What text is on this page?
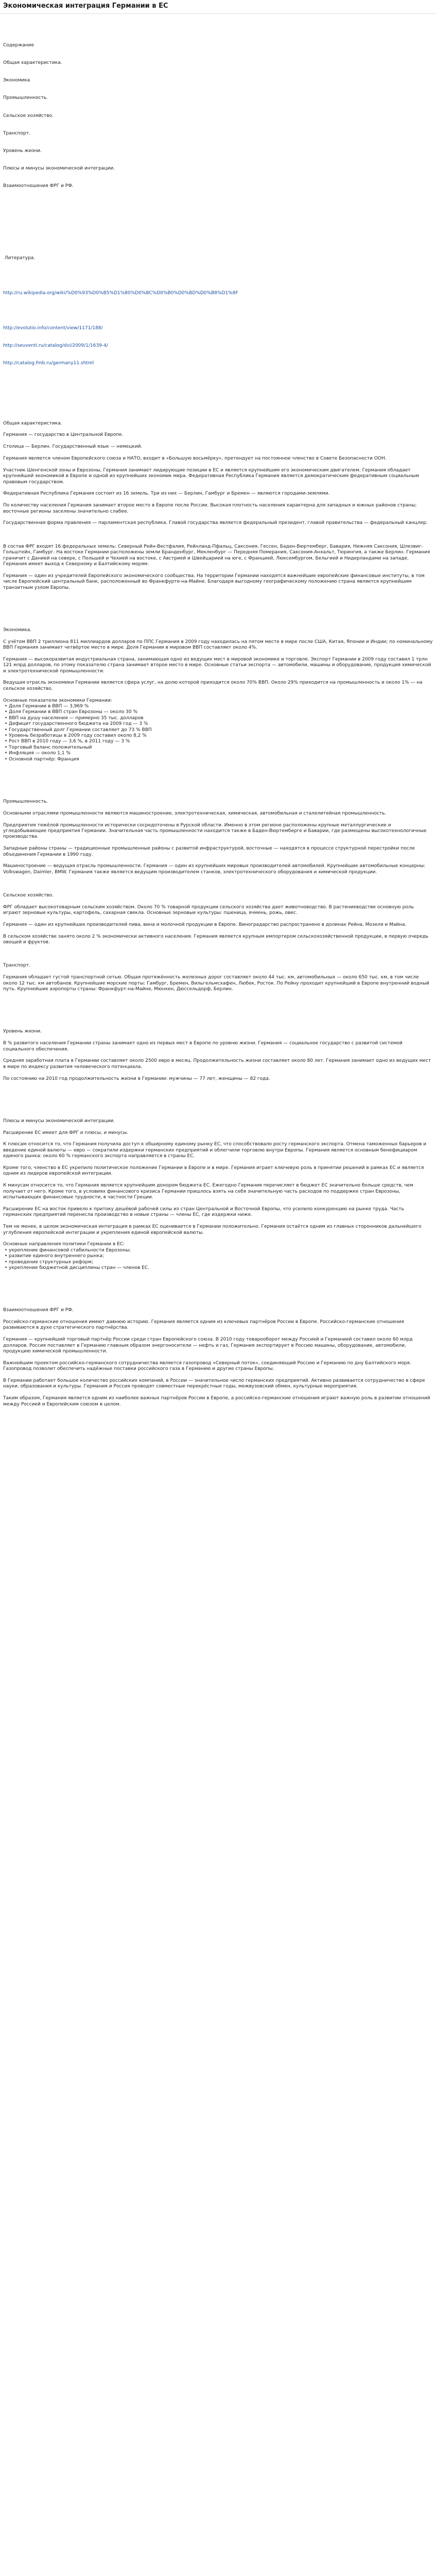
Экономическая интеграция Германии в ЕС

Содержание

Общая характеристика.

Экономика

Промышленность.

Сельское хозяйство.

Транспорт.

Уровень жизни.

Плюсы и минусы экономической интеграции.

Взаимоотношения ФРГ и РФ.

Литература.

http://ru.wikipedia.org/wiki/%D0%93%D0%B5%D1%80%D0%BC%D0%B0%D0%BD%D0%B8%D1%8F

http://evolutio.info/content/view/1171/188/

http://seuventi.ru/catalog/dvi/2009/1/1639-4/

http://catalog.fmb.ru/germany11.shtml

Общая характеристика.

Германия — государство в Центральной Европе.

Столица — Берлин. Государственный язык — немецкий.

Германия является членом Европейского союза и НАТО, входит в «Большую восьмёрку», претендует на постоянное членство в Совете Безопасности ООН.

Участник Шенгенской зоны и Еврозоны, Германия занимает лидирующие позиции в ЕС и является крупнейшим его экономическим двигателем. Германия обладает крупнейшей экономикой в Европе и одной из крупнейших экономик мира. Федеративная Республика Германия является демократическим федеративным социальным правовым государством.

Федеративная Республика Германия состоит из 16 земель. Три из них — Берлин, Гамбург и Бремен — являются городами-землями.

По количеству населения Германия занимает второе место в Европе после России. Высокая плотность населения характерна для западных и южных районов страны; восточные регионы заселены значительно слабее.

Государственная форма правления — парламентская республика. Главой государства является федеральный президент, главой правительства — федеральный канцлер.

В состав ФРГ входят 16 федеральных земель: Северный Рейн-Вестфалия, Рейнланд-Пфальц, Саксония, Гессен, Баден-Вюртемберг, Бавария, Нижняя Саксония, Шлезвиг-Гольштейн, Гамбург. На востоке Германии расположены земли Бранденбург, Мекленбург — Передняя Померания, Саксония-Анхальт, Тюрингия, а также Берлин. Германия граничит с Данией на севере, с Польшей и Чехией на востоке, с Австрией и Швейцарией на юге, с Францией, Люксембургом, Бельгией и Нидерландами на западе. Германия имеет выход к Северному и Балтийскому морям.

Германия — один из учредителей Европейского экономического сообщества. На территории Германии находятся важнейшие европейские финансовые институты, в том числе Европейский центральный банк, расположенный во Франкфурте-на-Майне. Благодаря выгодному географическому положению страна является крупнейшим транзитным узлом Европы.

Экономика.

С учётом ВВП 2 триллиона 811 миллиардов долларов по ППС Германия в 2009 году находилась на пятом месте в мире после США, Китая, Японии и Индии; по номинальному ВВП Германия занимает четвёртое место в мире. Доля Германии в мировом ВВП составляет около 4%.

Германия — высокоразвитая индустриальная страна, занимающая одно из ведущих мест в мировой экономике и торговле. Экспорт Германии в 2009 году составил 1 трлн 121 млрд долларов, по этому показателю страна занимает второе место в мире. Основные статьи экспорта — автомобили, машины и оборудование, продукция химической и электротехнической промышленности.

Ведущая отрасль экономики Германии является сфера услуг, на долю которой приходится около 70% ВВП. Около 29% приходится на промышленность и около 1% — на сельское хозяйство.

Основные показатели экономики Германии:
• Доля Германии в ВВП — 3,969 %
• Доля Германии в ВВП стран Еврозоны — около 30 %
• ВВП на душу населения — примерно 35 тыс. долларов
• Дефицит государственного бюджета на 2009 год — 3 %
• Государственный долг Германии составляет до 73 % ВВП
• Уровень безработицы в 2009 году составил около 8,2 %
• Рост ВВП в 2010 году — 3,6 %, в 2011 году — 3 %
• Торговый баланс положительный
• Инфляция — около 1,1 %
• Основной партнёр: Франция

Промышленность.

Основными отраслями промышленности являются машиностроение, электротехническая, химическая, автомобильная и сталелитейная промышленность.

Предприятия тяжёлой промышленности исторически сосредоточены в Рурской области. Именно в этом регионе расположены крупные металлургические и угледобывающие предприятия Германии. Значительная часть промышленности находится также в Баден-Вюртемберге и Баварии, где размещены высокотехнологичные производства.

Западные районы страны — традиционные промышленные районы с развитой инфраструктурой, восточные — находятся в процессе структурной перестройки после объединения Германии в 1990 году.

Машиностроение — ведущая отрасль промышленности. Германия — один из крупнейших мировых производителей автомобилей. Крупнейшие автомобильные концерны: Volkswagen, Daimler, BMW. Германия также является ведущим производителем станков, электротехнического оборудования и химической продукции.

Сельское хозяйство.

ФРГ обладает высокотоварным сельским хозяйством. Около 70 % товарной продукции сельского хозяйства дает животноводство. В растениеводстве основную роль играют зерновые культуры, картофель, сахарная свекла. Основные зерновые культуры: пшеница, ячмень, рожь, овес.

Германия — один из крупнейших производителей пива, вина и молочной продукции в Европе. Виноградарство распространено в долинах Рейна, Мозеля и Майна.

В сельском хозяйстве занято около 2 % экономически активного населения. Германия является крупным импортером сельскохозяйственной продукции, в первую очередь овощей и фруктов.

Транспорт.

Германия обладает густой транспортной сетью. Общая протяжённость железных дорог составляет около 44 тыс. км, автомобильных — около 650 тыс. км, в том числе около 12 тыс. км автобанов. Крупнейшие морские порты: Гамбург, Бремен, Вильгельмсхафен, Любек, Росток. По Рейну проходит крупнейший в Европе внутренний водный путь. Крупнейшие аэропорты страны: Франкфурт-на-Майне, Мюнхен, Дюссельдорф, Берлин.

Уровень жизни.

В % развитого населения Германии страны занимает одно из первых мест в Европе по уровню жизни. Германия — социальное государство с развитой системой социального обеспечения.

Средняя заработная плата в Германии составляет около 2500 евро в месяц. Продолжительность жизни составляет около 80 лет. Германия занимает одно из ведущих мест в мире по индексу развития человеческого потенциала.

По состоянию на 2010 год продолжительность жизни в Германии: мужчины — 77 лет, женщины — 82 года.

Плюсы и минусы экономической интеграции.

Расширение ЕС имеет для ФРГ и плюсы, и минусы.

К плюсам относится то, что Германия получила доступ к обширному единому рынку ЕС, что способствовало росту германского экспорта. Отмена таможенных барьеров и введение единой валюты — евро — сократили издержки германских предприятий и облегчили торговлю внутри Европы. Германия является основным бенефициаром единого рынка: около 60 % германского экспорта направляется в страны ЕС.

Кроме того, членство в ЕС укрепило политическое положение Германии в Европе и в мире. Германия играет ключевую роль в принятии решений в рамках ЕС и является одним из лидеров европейской интеграции.

К минусам относится то, что Германия является крупнейшим донором бюджета ЕС. Ежегодно Германия перечисляет в бюджет ЕС значительно больше средств, чем получает от него. Кроме того, в условиях финансового кризиса Германии пришлось взять на себя значительную часть расходов по поддержке стран Еврозоны, испытывающих финансовые трудности, в частности Греции.

Расширение ЕС на восток привело к притоку дешёвой рабочей силы из стран Центральной и Восточной Европы, что усилило конкуренцию на рынке труда. Часть германских предприятий перенесла производство в новые страны — члены ЕС, где издержки ниже.

Тем не менее, в целом экономическая интеграция в рамках ЕС оценивается в Германии положительно. Германия остаётся одним из главных сторонников дальнейшего углубления европейской интеграции и укрепления единой европейской валюты.

Основные направления политики Германии в ЕС:
• укрепление финансовой стабильности Еврозоны;
• развитие единого внутреннего рынка;
• проведение структурных реформ;
• укрепление бюджетной дисциплины стран — членов ЕС.

Взаимоотношения ФРГ и РФ.

Российско-германские отношения имеют давнюю историю. Германия является одним из ключевых партнёров России в Европе. Российско-германские отношения развиваются в духе стратегического партнёрства.

Германия — крупнейший торговый партнёр России среди стран Европейского союза. В 2010 году товарооборот между Россией и Германией составил около 60 млрд долларов. Россия поставляет в Германию главным образом энергоносители — нефть и газ, Германия экспортирует в Россию машины, оборудование, автомобили, продукцию химической промышленности.

Важнейшим проектом российско-германского сотрудничества является газопровод «Северный поток», соединяющий Россию и Германию по дну Балтийского моря. Газопровод позволит обеспечить надёжные поставки российского газа в Германию и другие страны Европы.

В Германии работает большое количество российских компаний, в России — значительное число германских предприятий. Активно развивается сотрудничество в сфере науки, образования и культуры. Германия и Россия проводят совместные перекрёстные годы, межвузовский обмен, культурные мероприятия.

Таким образом, Германия является одним из наиболее важных партнёров России в Европе, а российско-германские отношения играют важную роль в развитии отношений между Россией и Европейским союзом в целом.
